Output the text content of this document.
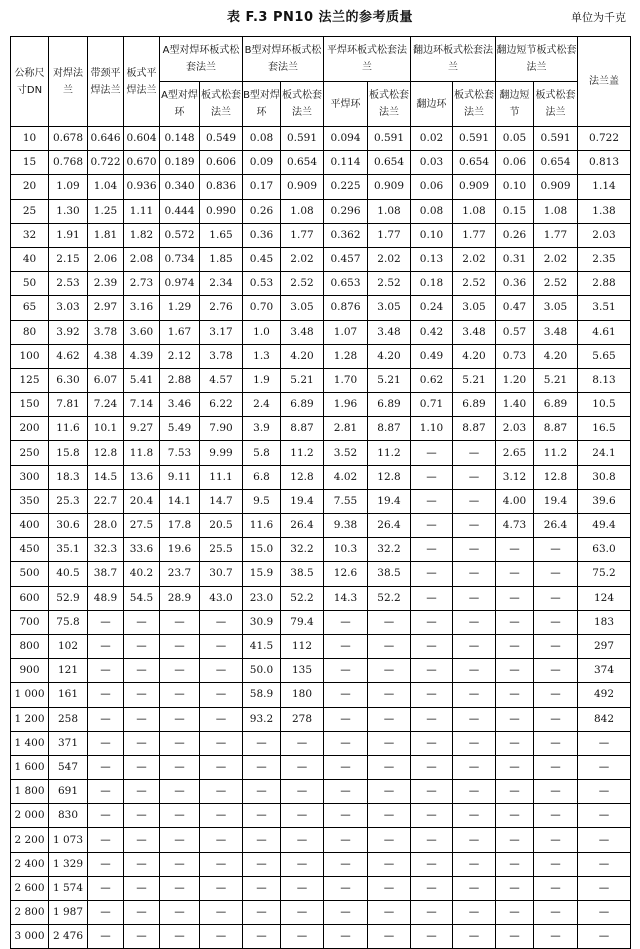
表 F.3 PN10 法兰的参考质量	单位为千克
公称尺寸DN	对焊法兰	带颈平焊法兰	板式平焊法兰	A型对焊环板式松套法兰		B型对焊环板式松套法兰		平焊环板式松套法兰		翻边环板式松套法兰		翻边短节板式松套法兰		法兰盖
				A型对焊环	板式松套法兰	B型对焊环	板式松套法兰	平焊环	板式松套法兰	翻边环	板式松套法兰	翻边短节	板式松套法兰	
10	0.678	0.646	0.604	0.148	0.549	0.08	0.591	0.094	0.591	0.02	0.591	0.05	0.591	0.722
15	0.768	0.722	0.670	0.189	0.606	0.09	0.654	0.114	0.654	0.03	0.654	0.06	0.654	0.813
20	1.09	1.04	0.936	0.340	0.836	0.17	0.909	0.225	0.909	0.06	0.909	0.10	0.909	1.14
25	1.30	1.25	1.11	0.444	0.990	0.26	1.08	0.296	1.08	0.08	1.08	0.15	1.08	1.38
32	1.91	1.81	1.82	0.572	1.65	0.36	1.77	0.362	1.77	0.10	1.77	0.26	1.77	2.03
40	2.15	2.06	2.08	0.734	1.85	0.45	2.02	0.457	2.02	0.13	2.02	0.31	2.02	2.35
50	2.53	2.39	2.73	0.974	2.34	0.53	2.52	0.653	2.52	0.18	2.52	0.36	2.52	2.88
65	3.03	2.97	3.16	1.29	2.76	0.70	3.05	0.876	3.05	0.24	3.05	0.47	3.05	3.51
80	3.92	3.78	3.60	1.67	3.17	1.0	3.48	1.07	3.48	0.42	3.48	0.57	3.48	4.61
100	4.62	4.38	4.39	2.12	3.78	1.3	4.20	1.28	4.20	0.49	4.20	0.73	4.20	5.65
125	6.30	6.07	5.41	2.88	4.57	1.9	5.21	1.70	5.21	0.62	5.21	1.20	5.21	8.13
150	7.81	7.24	7.14	3.46	6.22	2.4	6.89	1.96	6.89	0.71	6.89	1.40	6.89	10.5
200	11.6	10.1	9.27	5.49	7.90	3.9	8.87	2.81	8.87	1.10	8.87	2.03	8.87	16.5
250	15.8	12.8	11.8	7.53	9.99	5.8	11.2	3.52	11.2	—	—	2.65	11.2	24.1
300	18.3	14.5	13.6	9.11	11.1	6.8	12.8	4.02	12.8	—	—	3.12	12.8	30.8
350	25.3	22.7	20.4	14.1	14.7	9.5	19.4	7.55	19.4	—	—	4.00	19.4	39.6
400	30.6	28.0	27.5	17.8	20.5	11.6	26.4	9.38	26.4	—	—	4.73	26.4	49.4
450	35.1	32.3	33.6	19.6	25.5	15.0	32.2	10.3	32.2	—	—	—	—	63.0
500	40.5	38.7	40.2	23.7	30.7	15.9	38.5	12.6	38.5	—	—	—	—	75.2
600	52.9	48.9	54.5	28.9	43.0	23.0	52.2	14.3	52.2	—	—	—	—	124
700	75.8	—	—	—	—	30.9	79.4	—	—	—	—	—	—	183
800	102	—	—	—	—	41.5	112	—	—	—	—	—	—	297
900	121	—	—	—	—	50.0	135	—	—	—	—	—	—	374
1 000	161	—	—	—	—	58.9	180	—	—	—	—	—	—	492
1 200	258	—	—	—	—	93.2	278	—	—	—	—	—	—	842
1 400	371	—	—	—	—	—	—	—	—	—	—	—	—	—
1 600	547	—	—	—	—	—	—	—	—	—	—	—	—	—
1 800	691	—	—	—	—	—	—	—	—	—	—	—	—	—
2 000	830	—	—	—	—	—	—	—	—	—	—	—	—	—
2 200	1 073	—	—	—	—	—	—	—	—	—	—	—	—	—
2 400	1 329	—	—	—	—	—	—	—	—	—	—	—	—	—
2 600	1 574	—	—	—	—	—	—	—	—	—	—	—	—	—
2 800	1 987	—	—	—	—	—	—	—	—	—	—	—	—	—
3 000	2 476	—	—	—	—	—	—	—	—	—	—	—	—	—
